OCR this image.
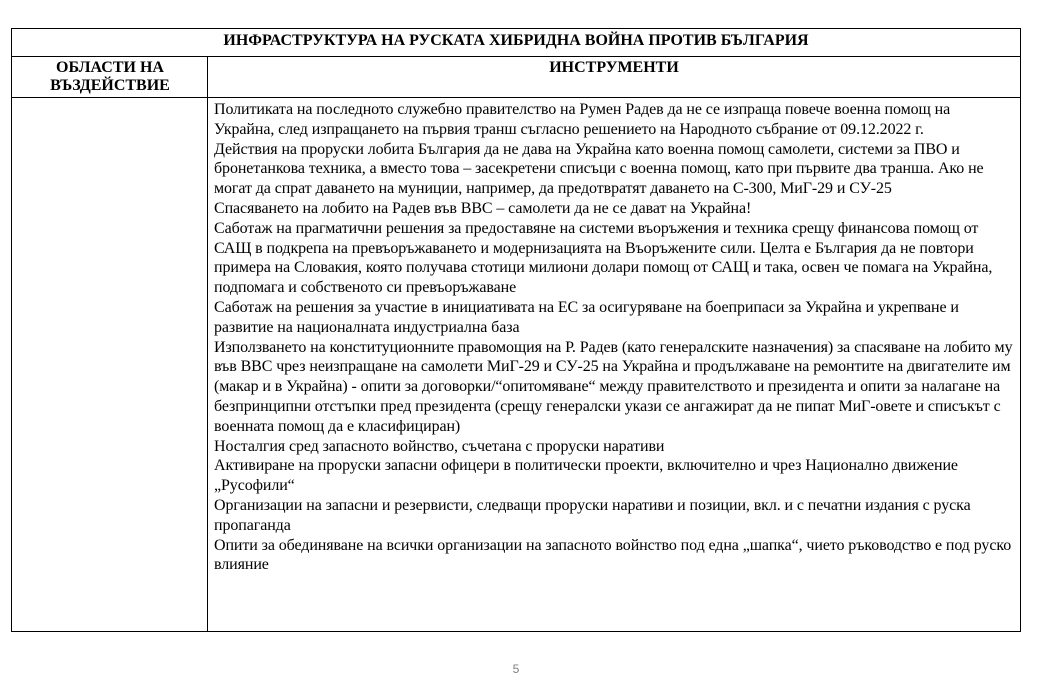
ИНФРАСТРУКТУРА НА РУСКАТА ХИБРИДНА ВОЙНА ПРОТИВ БЪЛГАРИЯ
ОБЛАСТИ НА ВЪЗДЕЙСТВИЕ
ИНСТРУМЕНТИ

Политиката на последното служебно правителство на Румен Радев да не се изпраща повече военна помощ на Украйна, след изпращането на първия транш съгласно решението на Народното събрание от 09.12.2022 г.

Действия на проруски лобита България да не дава на Украйна като военна помощ самолети, системи за ПВО и бронетанкова техника, а вместо това – засекретени списъци с военна помощ, като при първите два транша. Ако не могат да спрат даването на муниции, например, да предотвратят даването на С-300, МиГ-29 и СУ-25

Спасяването на лобито на Радев във ВВС – самолети да не се дават на Украйна!

Саботаж на прагматични решения за предоставяне на системи въоръжения и техника срещу финансова помощ от САЩ в подкрепа на превъоръжаването и модернизацията на Въоръжените сили. Целта е България да не повтори примера на Словакия, която получава стотици милиони долари помощ от САЩ и така, освен че помага на Украйна, подпомага и собственото си превъоръжаване

Саботаж на решения за участие в инициативата на ЕС за осигуряване на боеприпаси за Украйна и укрепване и развитие на националната индустриална база

Използването на конституционните правомощия на Р. Радев (като генералските назначения) за спасяване на лобито му във ВВС чрез неизпращане на самолети МиГ-29 и СУ-25 на Украйна и продължаване на ремонтите на двигателите им (макар и в Украйна) - опити за договорки/“опитомяване“ между правителството и президента и опити за налагане на безпринципни отстъпки пред президента (срещу генералски укази се ангажират да не пипат МиГ-овете и списъкът с военната помощ да е класифициран)

Носталгия сред запасното войнство, съчетана с проруски наративи

Активиране на проруски запасни офицери в политически проекти, включително и чрез Национално движение „Русофили“

Организации на запасни и резервисти, следващи проруски наративи и позиции, вкл. и с печатни издания с руска пропаганда

Опити за обединяване на всички организации на запасното войнство под една „шапка“, чието ръководство е под руско влияние

5
